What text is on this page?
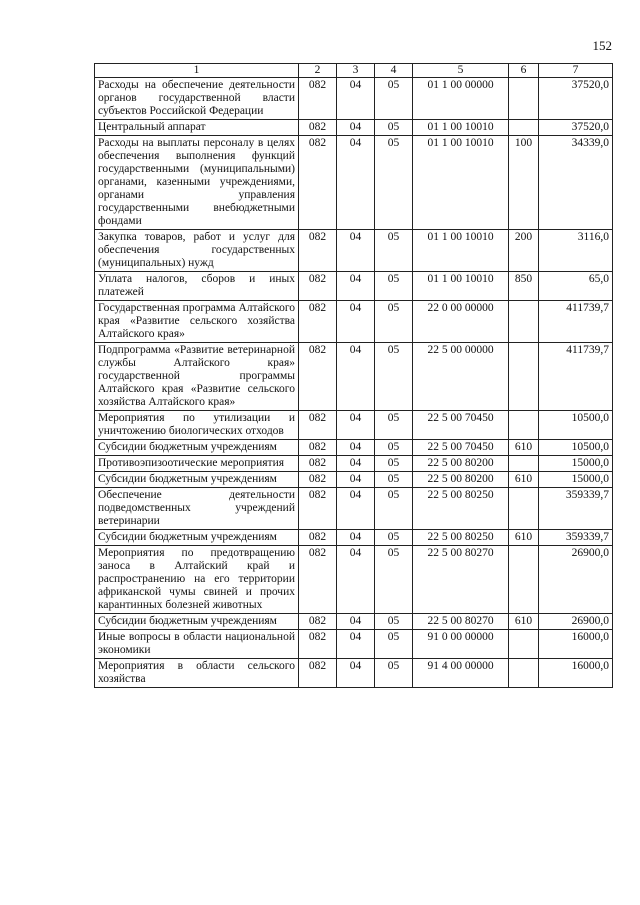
152
1	2	3	4	5	6	7
Расходы на обеспечение деятельности органов государственной власти субъектов Российской Федерации	082	04	05	01 1 00 00000		37520,0
Центральный аппарат	082	04	05	01 1 00 10010		37520,0
Расходы на выплаты персоналу в целях обеспечения выполнения функций государственными (муниципальными) органами, казенными учреждениями, органами управления государственными внебюджетными фондами	082	04	05	01 1 00 10010	100	34339,0
Закупка товаров, работ и услуг для обеспечения государственных (муниципальных) нужд	082	04	05	01 1 00 10010	200	3116,0
Уплата налогов, сборов и иных платежей	082	04	05	01 1 00 10010	850	65,0
Государственная программа Алтайского края «Развитие сельского хозяйства Алтайского края»	082	04	05	22 0 00 00000		411739,7
Подпрограмма «Развитие ветеринарной службы Алтайского края» государственной программы Алтайского края «Развитие сельского хозяйства Алтайского края»	082	04	05	22 5 00 00000		411739,7
Мероприятия по утилизации и уничтожению биологических отходов	082	04	05	22 5 00 70450		10500,0
Субсидии бюджетным учреждениям	082	04	05	22 5 00 70450	610	10500,0
Противоэпизоотические мероприятия	082	04	05	22 5 00 80200		15000,0
Субсидии бюджетным учреждениям	082	04	05	22 5 00 80200	610	15000,0
Обеспечение деятельности подведомственных учреждений ветеринарии	082	04	05	22 5 00 80250		359339,7
Субсидии бюджетным учреждениям	082	04	05	22 5 00 80250	610	359339,7
Мероприятия по предотвращению заноса в Алтайский край и распространению на его территории африканской чумы свиней и прочих карантинных болезней животных	082	04	05	22 5 00 80270		26900,0
Субсидии бюджетным учреждениям	082	04	05	22 5 00 80270	610	26900,0
Иные вопросы в области национальной экономики	082	04	05	91 0 00 00000		16000,0
Мероприятия в области сельского хозяйства	082	04	05	91 4 00 00000		16000,0
